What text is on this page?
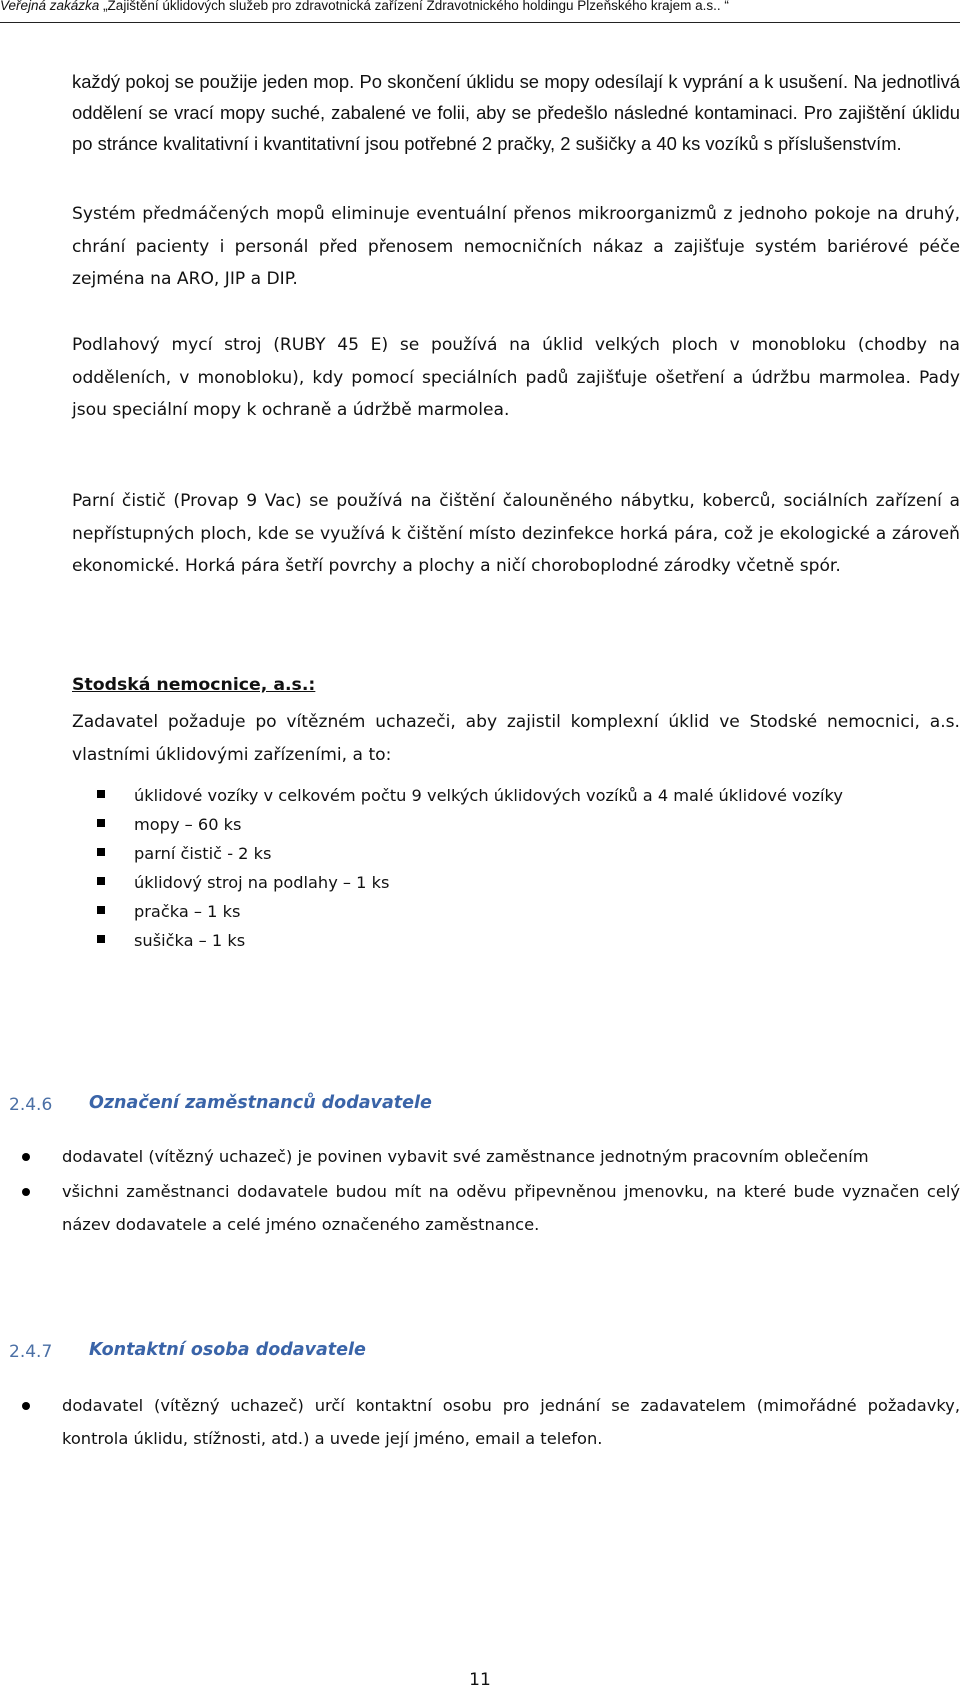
Veřejná zakázka „Zajištění úklidových služeb pro zdravotnická zařízení Zdravotnického holdingu Plzeňského krajem a.s.. “
každý pokoj se použije jeden mop. Po skončení úklidu se mopy odesílají k vyprání a k usušení. Na jednotlivá oddělení se vrací mopy suché, zabalené ve folii, aby se předešlo následné kontaminaci. Pro zajištění úklidu po stránce kvalitativní i kvantitativní jsou potřebné 2 pračky, 2 sušičky a 40 ks vozíků s příslušenstvím.
Systém předmáčených mopů eliminuje eventuální přenos mikroorganizmů z jednoho pokoje na druhý, chrání pacienty i personál před přenosem nemocničních nákaz a zajišťuje systém bariérové péče zejména na ARO, JIP a DIP.
Podlahový mycí stroj (RUBY 45 E) se používá na úklid velkých ploch v monobloku (chodby na odděleních, v monobloku), kdy pomocí speciálních padů zajišťuje ošetření a údržbu marmolea. Pady jsou speciální mopy k ochraně a údržbě marmolea.
Parní čistič (Provap 9 Vac) se používá na čištění čalouněného nábytku, koberců, sociálních zařízení a nepřístupných ploch, kde se využívá k čištění místo dezinfekce horká pára, což je ekologické a zároveň ekonomické. Horká pára šetří povrchy a plochy a ničí choroboplodné zárodky včetně spór.
Stodská nemocnice, a.s.:
Zadavatel požaduje po vítězném uchazeči, aby zajistil komplexní úklid ve Stodské nemocnici, a.s. vlastními úklidovými zařízeními, a to:
úklidové vozíky v celkovém počtu 9 velkých úklidových vozíků a 4 malé úklidové vozíky
mopy – 60 ks
parní čistič - 2 ks
úklidový stroj na podlahy – 1 ks
pračka – 1 ks
sušička – 1 ks
2.4.6 Označení zaměstnanců dodavatele
dodavatel (vítězný uchazeč) je povinen vybavit své zaměstnance jednotným pracovním oblečením
všichni zaměstnanci dodavatele budou mít na oděvu připevněnou jmenovku, na které bude vyznačen celý název dodavatele a celé jméno označeného zaměstnance.
2.4.7 Kontaktní osoba dodavatele
dodavatel (vítězný uchazeč) určí kontaktní osobu pro jednání se zadavatelem (mimořádné požadavky, kontrola úklidu, stížnosti, atd.) a uvede její jméno, email a telefon.
11
